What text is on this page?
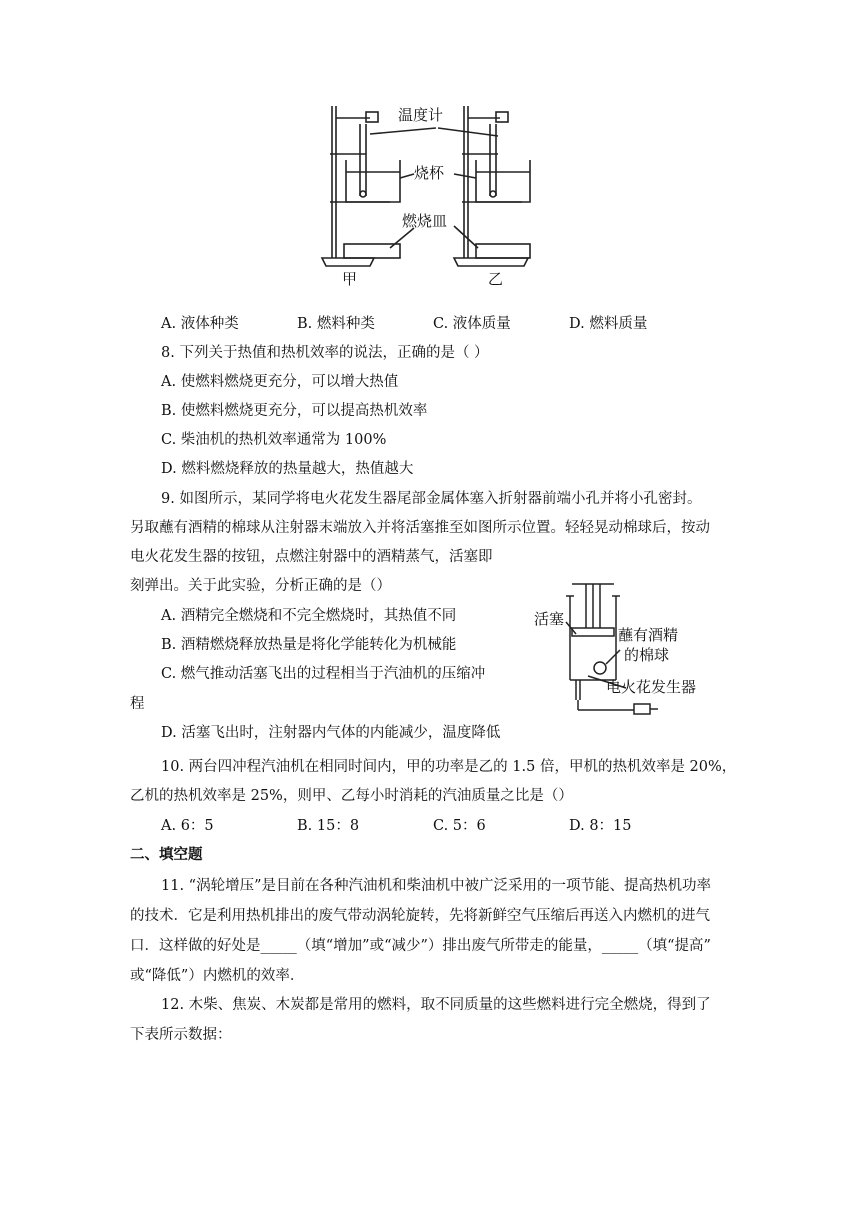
温度计
烧杯
燃烧皿
甲	乙
A. 液体种类	B. 燃料种类	C. 液体质量	D. 燃料质量
8. 下列关于热值和热机效率的说法，正确的是（ ）
A. 使燃料燃烧更充分，可以增大热值
B. 使燃料燃烧更充分，可以提高热机效率
C. 柴油机的热机效率通常为 100%
D. 燃料燃烧释放的热量越大，热值越大
9. 如图所示，某同学将电火花发生器尾部金属体塞入折射器前端小孔并将小孔密封。
另取蘸有酒精的棉球从注射器末端放入并将活塞推至如图所示位置。轻轻晃动棉球后，按动
电火花发生器的按钮，点燃注射器中的酒精蒸气，活塞即
刻弹出。关于此实验，分析正确的是（）
A. 酒精完全燃烧和不完全燃烧时，其热值不同
B. 酒精燃烧释放热量是将化学能转化为机械能
C. 燃气推动活塞飞出的过程相当于汽油机的压缩冲
程
D. 活塞飞出时，注射器内气体的内能减少，温度降低
活塞
蘸有酒精
的棉球
电火花发生器
10. 两台四冲程汽油机在相同时间内，甲的功率是乙的 1.5 倍，甲机的热机效率是 20%，
乙机的热机效率是 25%，则甲、乙每小时消耗的汽油质量之比是（）
A. 6：5	B. 15：8	C. 5：6	D. 8：15
二、填空题
11. “涡轮增压”是目前在各种汽油机和柴油机中被广泛采用的一项节能、提高热机功率
的技术．它是利用热机排出的废气带动涡轮旋转，先将新鲜空气压缩后再送入内燃机的进气
口．这样做的好处是_____（填“增加”或“减少”）排出废气所带走的能量，_____（填“提高”
或“降低”）内燃机的效率．
12. 木柴、焦炭、木炭都是常用的燃料，取不同质量的这些燃料进行完全燃烧，得到了
下表所示数据：
